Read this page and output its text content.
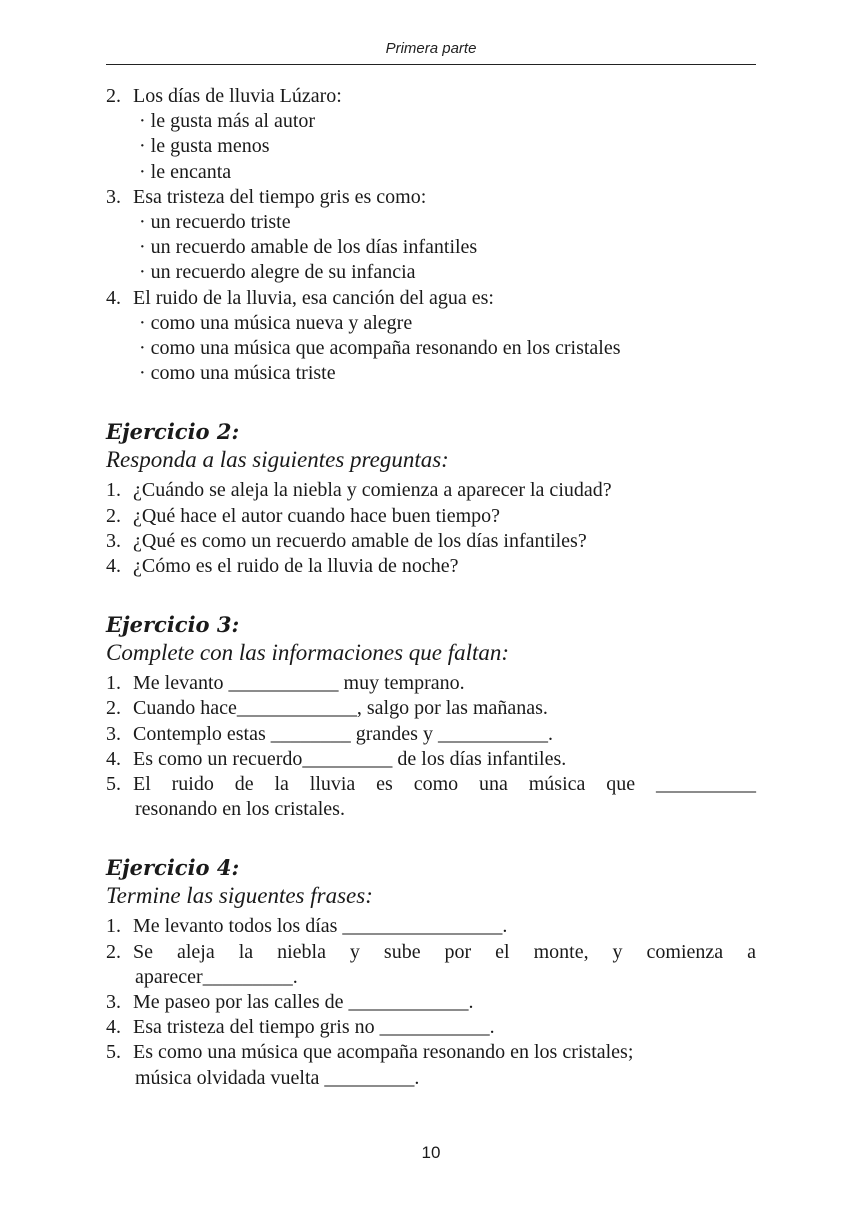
Primera parte
2. Los días de lluvia Lúzaro:
· le gusta más al autor
· le gusta menos
· le encanta
3. Esa tristeza del tiempo gris es como:
· un recuerdo triste
· un recuerdo amable de los días infantiles
· un recuerdo alegre de su infancia
4. El ruido de la lluvia, esa canción del agua es:
· como una música nueva y alegre
· como una música que acompaña resonando en los cristales
· como una música triste
Ejercicio 2:
Responda a las siguientes preguntas:
1. ¿Cuándo se aleja la niebla y comienza a aparecer la ciudad?
2. ¿Qué hace el autor cuando hace buen tiempo?
3. ¿Qué es como un recuerdo amable de los días infantiles?
4. ¿Cómo es el ruido de la lluvia de noche?
Ejercicio 3:
Complete con las informaciones que faltan:
1. Me levanto ___________ muy temprano.
2. Cuando hace____________, salgo por las mañanas.
3. Contemplo estas ________ grandes y ___________.
4. Es como un recuerdo_________ de los días infantiles.
5. El ruido de la lluvia es como una música que __________
resonando en los cristales.
Ejercicio 4:
Termine las siguentes frases:
1. Me levanto todos los días ________________.
2. Se aleja la niebla y sube por el monte, y comienza a
aparecer_________.
3. Me paseo por las calles de ____________.
4. Esa tristeza del tiempo gris no ___________.
5. Es como una música que acompaña resonando en los cristales;
música olvidada vuelta _________.
10
